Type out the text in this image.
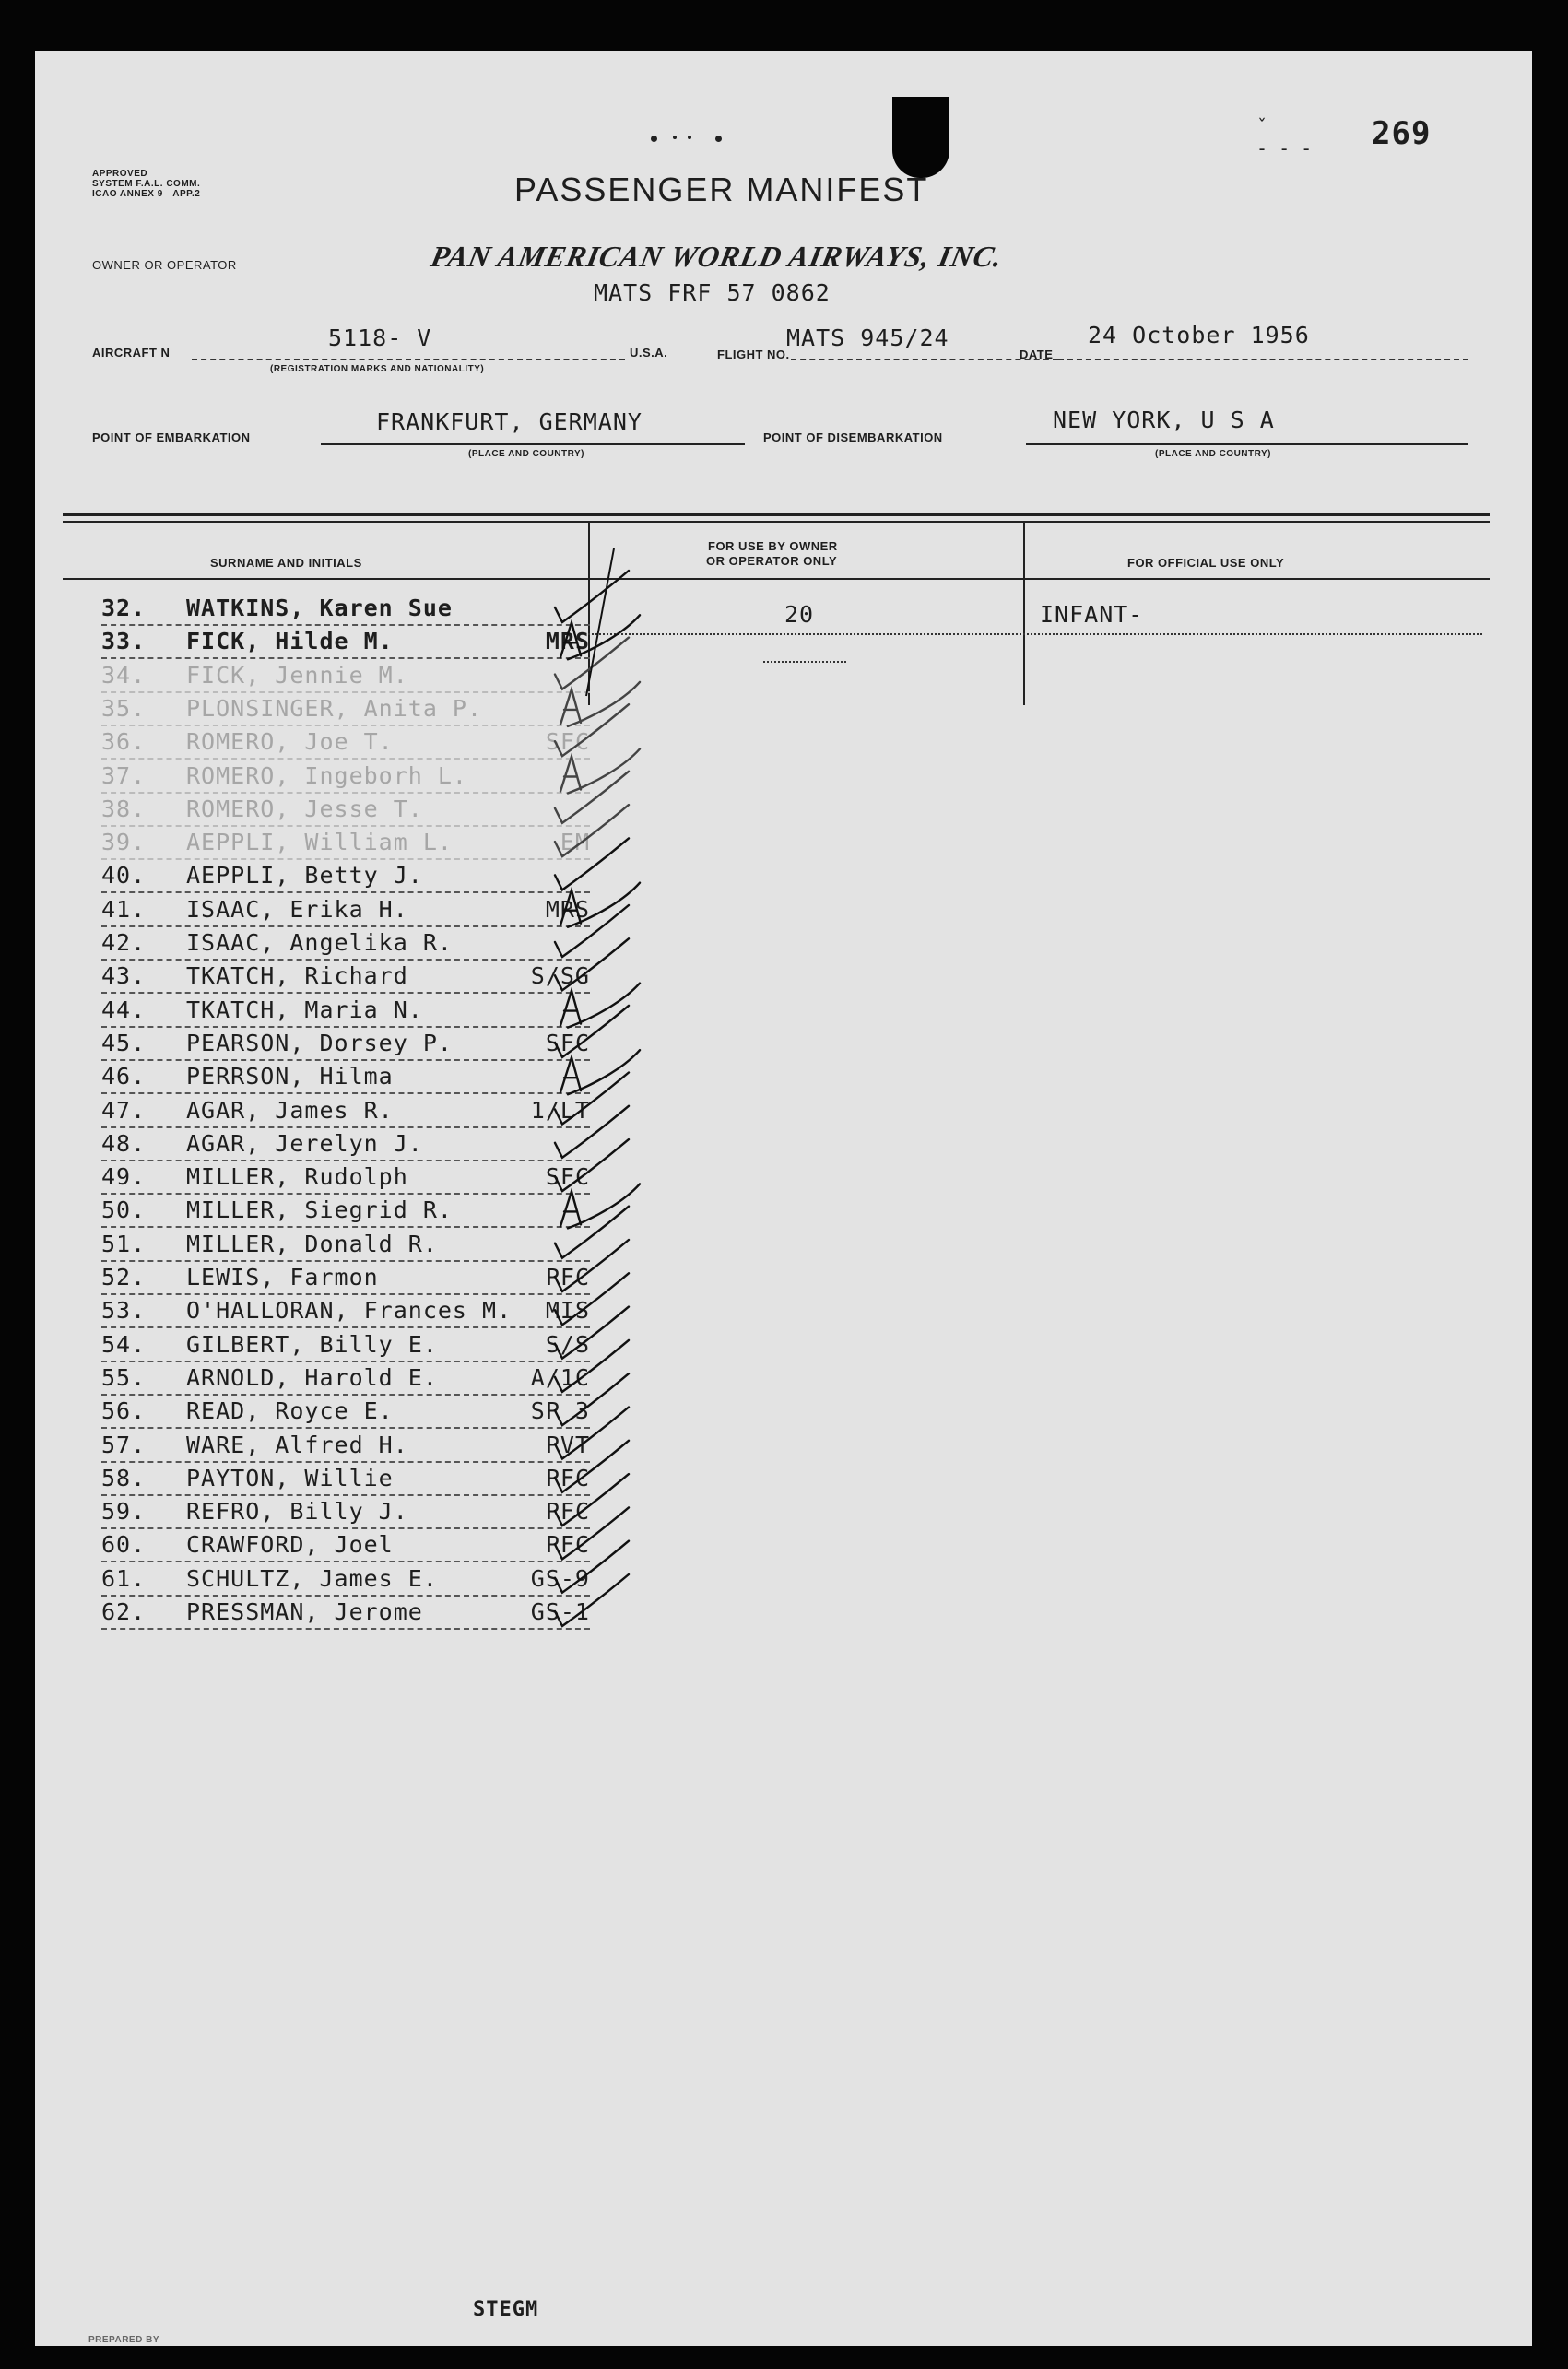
269
ˇ
- - -
APPROVED
SYSTEM F.A.L. COMM.
ICAO ANNEX 9—APP.2	PASSENGER MANIFEST
OWNER OR OPERATOR	PAN AMERICAN WORLD AIRWAYS, INC.
MATS FRF 57 0862
AIRCRAFT N
5118- V
(REGISTRATION MARKS AND NATIONALITY)
U.S.A.	FLIGHT NO.
MATS 945/24
DATE
24 October 1956
POINT OF EMBARKATION
FRANKFURT, GERMANY
(PLACE AND COUNTRY)
POINT OF DISEMBARKATION
NEW YORK, U S A
(PLACE AND COUNTRY)
SURNAME AND INITIALS
FOR USE BY OWNER
OR OPERATOR ONLY	FOR OFFICIAL USE ONLY
20	INFANT-
32.	WATKINS, Karen Sue
33.	FICK, Hilde M.	MRS
34.	FICK, Jennie M.
35.	PLONSINGER, Anita P.
36.	ROMERO, Joe T.	SFC
37.	ROMERO, Ingeborh L.
38.	ROMERO, Jesse T.
39.	AEPPLI, William L.	EM
40.	AEPPLI, Betty J.
41.	ISAAC, Erika H.	MRS
42.	ISAAC, Angelika R.
43.	TKATCH, Richard	S/SG
44.	TKATCH, Maria N.
45.	PEARSON, Dorsey P.	SFC
46.	PERRSON, Hilma
47.	AGAR, James R.	1/LT
48.	AGAR, Jerelyn J.
49.	MILLER, Rudolph	SFC
50.	MILLER, Siegrid R.
51.	MILLER, Donald R.
52.	LEWIS, Farmon	PFC
53.	O'HALLORAN, Frances M.	MIS
54.	GILBERT, Billy E.	S/S
55.	ARNOLD, Harold E.	A/1C
56.	READ, Royce E.	SP 3
57.	WARE, Alfred H.	PVT
58.	PAYTON, Willie	PFC
59.	REFRO, Billy J.	PFC
60.	CRAWFORD, Joel	PFC
61.	SCHULTZ, James E.	GS-9
62.	PRESSMAN, Jerome	GS-1
STEGM
PREPARED BY
